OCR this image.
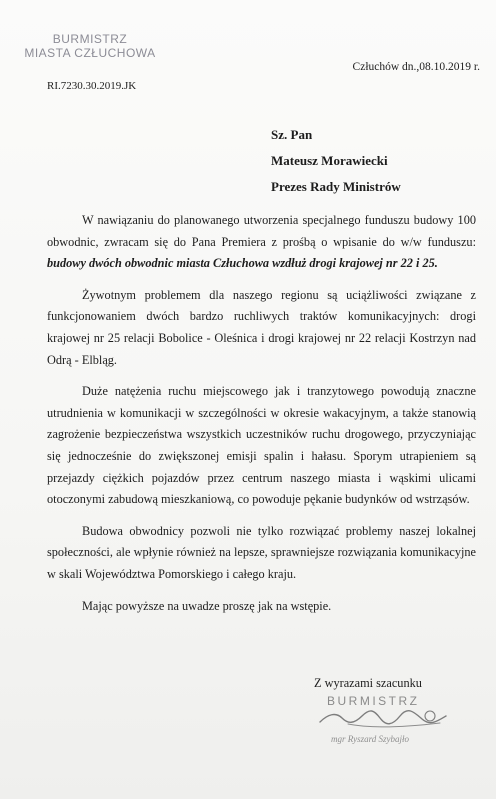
BURMISTRZ
MIASTA CZŁUCHOWA
Człuchów dn.,08.10.2019 r.
RI.7230.30.2019.JK
Sz. Pan
Mateusz Morawiecki
Prezes Rady Ministrów

W nawiązaniu do planowanego utworzenia specjalnego funduszu budowy 100 obwodnic, zwracam się do Pana Premiera z prośbą o wpisanie do w/w funduszu: budowy dwóch obwodnic miasta Człuchowa wzdłuż drogi krajowej nr 22 i 25.

Żywotnym problemem dla naszego regionu są uciążliwości związane z funkcjonowaniem dwóch bardzo ruchliwych traktów komunikacyjnych: drogi krajowej nr 25 relacji Bobolice - Oleśnica i drogi krajowej nr 22 relacji Kostrzyn nad Odrą - Elbląg.

Duże natężenia ruchu miejscowego jak i tranzytowego powodują znaczne utrudnienia w komunikacji w szczególności w okresie wakacyjnym, a także stanowią zagrożenie bezpieczeństwa wszystkich uczestników ruchu drogowego, przyczyniając się jednocześnie do zwiększonej emisji spalin i hałasu. Sporym utrapieniem są przejazdy ciężkich pojazdów przez centrum naszego miasta i wąskimi ulicami otoczonymi zabudową mieszkaniową, co powoduje pękanie budynków od wstrząsów.

Budowa obwodnicy pozwoli nie tylko rozwiązać problemy naszej lokalnej społeczności, ale wpłynie również na lepsze, sprawniejsze rozwiązania komunikacyjne w skali Województwa Pomorskiego i całego kraju.

Mając powyższe na uwadze proszę jak na wstępie.

Z wyrazami szacunku
BURMISTRZ
mgr Ryszard Szybajło
